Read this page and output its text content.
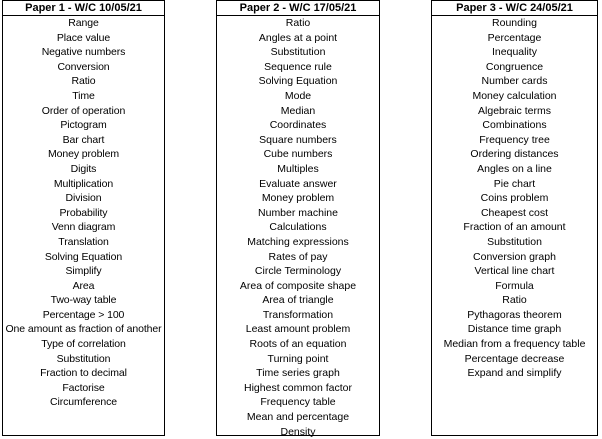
Paper 1 - W/C 10/05/21
Range
Place value
Negative numbers
Conversion
Ratio
Time
Order of operation
Pictogram
Bar chart
Money problem
Digits
Multiplication
Division
Probability
Venn diagram
Translation
Solving Equation
Simplify
Area
Two-way table
Percentage > 100
One amount as fraction of another
Type of correlation
Substitution
Fraction to decimal
Factorise
Circumference
Paper 2 - W/C 17/05/21
Ratio
Angles at a point
Substitution
Sequence rule
Solving Equation
Mode
Median
Coordinates
Square numbers
Cube numbers
Multiples
Evaluate answer
Money problem
Number machine
Calculations
Matching expressions
Rates of pay
Circle Terminology
Area of composite shape
Area of triangle
Transformation
Least amount problem
Roots of an equation
Turning point
Time series graph
Highest common factor
Frequency table
Mean and percentage
Density
Paper 3 - W/C 24/05/21
Rounding
Percentage
Inequality
Congruence
Number cards
Money calculation
Algebraic terms
Combinations
Frequency tree
Ordering distances
Angles on a line
Pie chart
Coins problem
Cheapest cost
Fraction of an amount
Substitution
Conversion graph
Vertical line chart
Formula
Ratio
Pythagoras theorem
Distance time graph
Median from a frequency table
Percentage decrease
Expand and simplify
